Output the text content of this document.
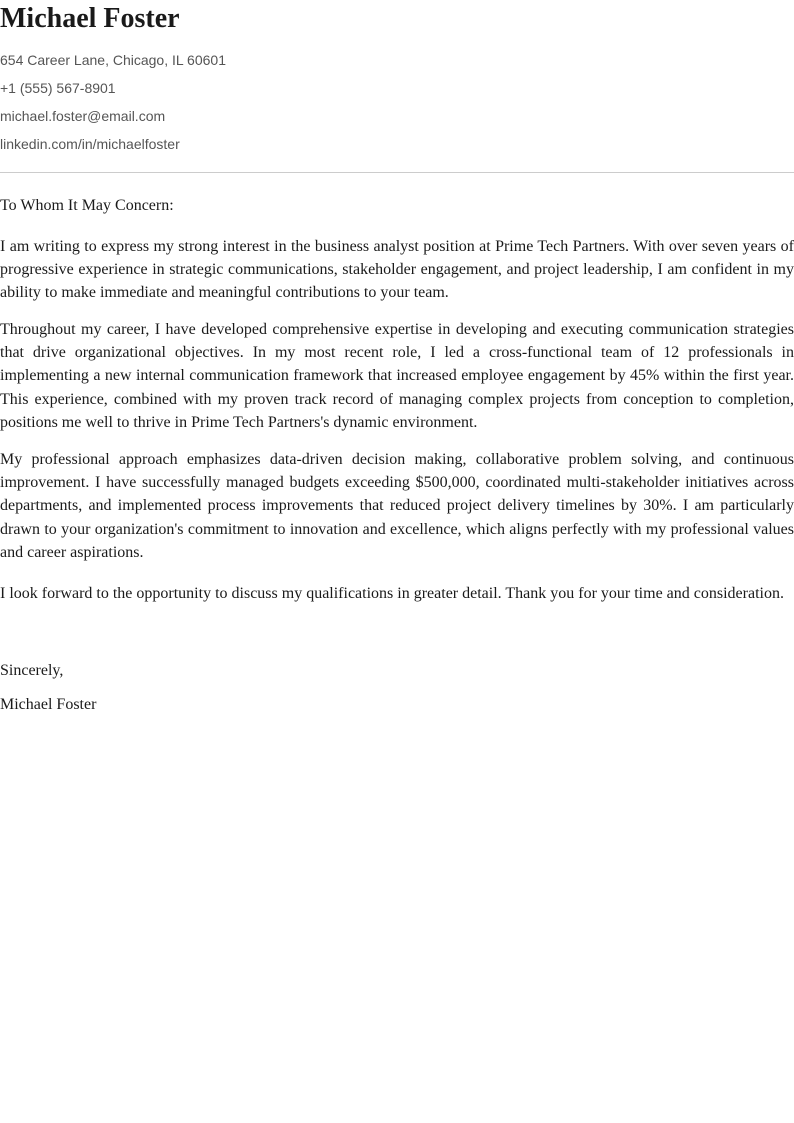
Michael Foster
654 Career Lane, Chicago, IL 60601
+1 (555) 567-8901
michael.foster@email.com
linkedin.com/in/michaelfoster

To Whom It May Concern:

I am writing to express my strong interest in the business analyst position at Prime Tech Partners. With over seven years of progressive experience in strategic communications, stakeholder engagement, and project leadership, I am confident in my ability to make immediate and meaningful contributions to your team.

Throughout my career, I have developed comprehensive expertise in developing and executing communication strategies that drive organizational objectives. In my most recent role, I led a cross-functional team of 12 professionals in implementing a new internal communication framework that increased employee engagement by 45% within the first year. This experience, combined with my proven track record of managing complex projects from conception to completion, positions me well to thrive in Prime Tech Partners's dynamic environment.

My professional approach emphasizes data-driven decision making, collaborative problem solving, and continuous improvement. I have successfully managed budgets exceeding $500,000, coordinated multi-stakeholder initiatives across departments, and implemented process improvements that reduced project delivery timelines by 30%. I am particularly drawn to your organization's commitment to innovation and excellence, which aligns perfectly with my professional values and career aspirations.

I look forward to the opportunity to discuss my qualifications in greater detail. Thank you for your time and consideration.

Sincerely,

Michael Foster
